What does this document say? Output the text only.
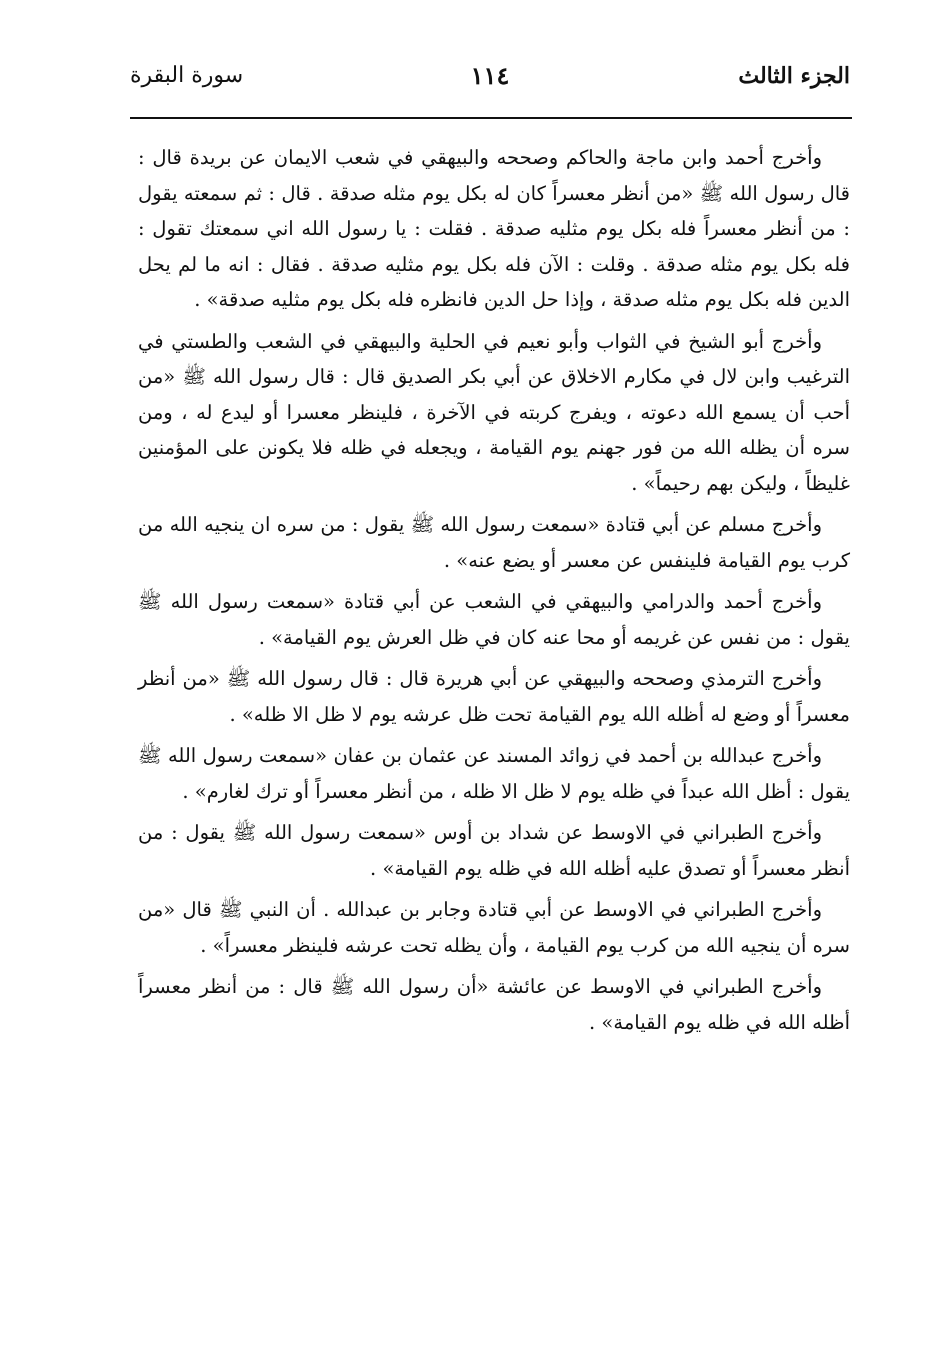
الجزء الثالث
١١٤
سورة البقرة

وأخرج أحمد وابن ماجة والحاكم وصححه والبيهقي في شعب الايمان عن بريدة قال : قال رسول الله ﷺ «من أنظر معسراً كان له بكل يوم مثله صدقة . قال : ثم سمعته يقول : من أنظر معسراً فله بكل يوم مثليه صدقة . فقلت : يا رسول الله اني سمعتك تقول : فله بكل يوم مثله صدقة . وقلت : الآن فله بكل يوم مثليه صدقة . فقال : انه ما لم يحل الدين فله بكل يوم مثله صدقة ، وإذا حل الدين فانظره فله بكل يوم مثليه صدقة» .

وأخرج أبو الشيخ في الثواب وأبو نعيم في الحلية والبيهقي في الشعب والطستي في الترغيب وابن لال في مكارم الاخلاق عن أبي بكر الصديق قال : قال رسول الله ﷺ «من أحب أن يسمع الله دعوته ، ويفرج كربته في الآخرة ، فلينظر معسرا أو ليدع له ، ومن سره أن يظله الله من فور جهنم يوم القيامة ، ويجعله في ظله فلا يكونن على المؤمنين غليظاً ، وليكن بهم رحيماً» .

وأخرج مسلم عن أبي قتادة «سمعت رسول الله ﷺ يقول : من سره ان ينجيه الله من كرب يوم القيامة فلينفس عن معسر أو يضع عنه» .

وأخرج أحمد والدرامي والبيهقي في الشعب عن أبي قتادة «سمعت رسول الله ﷺ يقول : من نفس عن غريمه أو محا عنه كان في ظل العرش يوم القيامة» .

وأخرج الترمذي وصححه والبيهقي عن أبي هريرة قال : قال رسول الله ﷺ «من أنظر معسراً أو وضع له أظله الله يوم القيامة تحت ظل عرشه يوم لا ظل الا ظله» .

وأخرج عبدالله بن أحمد في زوائد المسند عن عثمان بن عفان «سمعت رسول الله ﷺ يقول : أظل الله عبداً في ظله يوم لا ظل الا ظله ، من أنظر معسراً أو ترك لغارم» .

وأخرج الطبراني في الاوسط عن شداد بن أوس «سمعت رسول الله ﷺ يقول : من أنظر معسراً أو تصدق عليه أظله الله في ظله يوم القيامة» .

وأخرج الطبراني في الاوسط عن أبي قتادة وجابر بن عبدالله . أن النبي ﷺ قال «من سره أن ينجيه الله من كرب يوم القيامة ، وأن يظله تحت عرشه فلينظر معسراً» .

وأخرج الطبراني في الاوسط عن عائشة «أن رسول الله ﷺ قال : من أنظر معسراً أظله الله في ظله يوم القيامة» .
